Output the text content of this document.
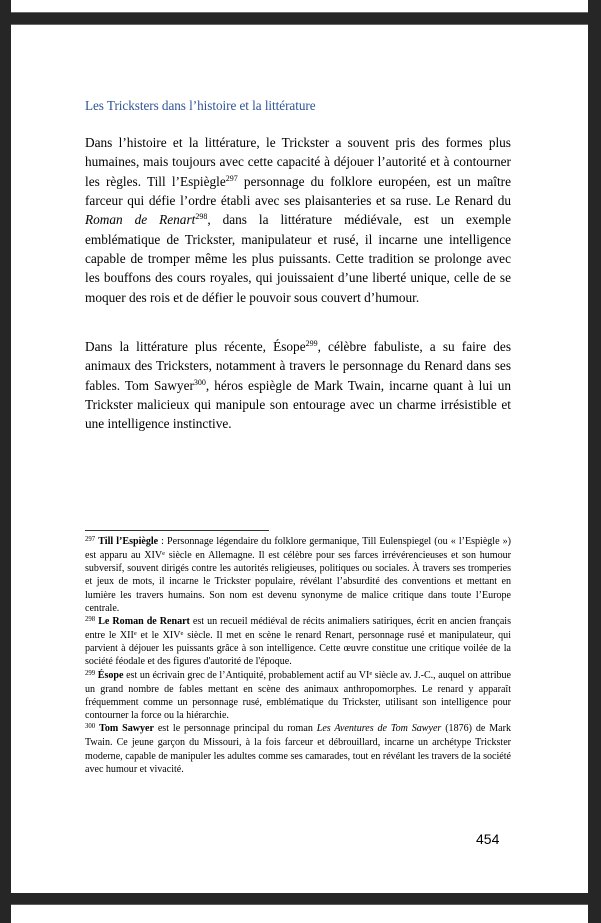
Les Tricksters dans l’histoire et la littérature

Dans l’histoire et la littérature, le Trickster a souvent pris des formes plus humaines, mais toujours avec cette capacité à déjouer l’autorité et à contourner les règles. Till l’Espiègle$^{297}$ personnage du folklore européen, est un maître farceur qui défie l’ordre établi avec ses plaisanteries et sa ruse. Le Renard du Roman de Renart$^{298}$, dans la littérature médiévale, est un exemple emblématique de Trickster, manipulateur et rusé, il incarne une intelligence capable de tromper même les plus puissants. Cette tradition se prolonge avec les bouffons des cours royales, qui jouissaient d’une liberté unique, celle de se moquer des rois et de défier le pouvoir sous couvert d’humour.

Dans la littérature plus récente, Ésope$^{299}$, célèbre fabuliste, a su faire des animaux des Tricksters, notamment à travers le personnage du Renard dans ses fables. Tom Sawyer$^{300}$, héros espiègle de Mark Twain, incarne quant à lui un Trickster malicieux qui manipule son entourage avec un charme irrésistible et une intelligence instinctive.

$^{297}$ Till l’Espiègle : Personnage légendaire du folklore germanique, Till Eulenspiegel (ou « l’Espiègle ») est apparu au XIVe siècle en Allemagne. Il est célèbre pour ses farces irrévérencieuses et son humour subversif, souvent dirigés contre les autorités religieuses, politiques ou sociales. À travers ses tromperies et jeux de mots, il incarne le Trickster populaire, révélant l’absurdité des conventions et mettant en lumière les travers humains. Son nom est devenu synonyme de malice critique dans toute l’Europe centrale.

$^{298}$ Le Roman de Renart est un recueil médiéval de récits animaliers satiriques, écrit en ancien français entre le XIIe et le XIVe siècle. Il met en scène le renard Renart, personnage rusé et manipulateur, qui parvient à déjouer les puissants grâce à son intelligence. Cette œuvre constitue une critique voilée de la société féodale et des figures d'autorité de l'époque.

$^{299}$ Ésope est un écrivain grec de l’Antiquité, probablement actif au VIe siècle av. J.-C., auquel on attribue un grand nombre de fables mettant en scène des animaux anthropomorphes. Le renard y apparaît fréquemment comme un personnage rusé, emblématique du Trickster, utilisant son intelligence pour contourner la force ou la hiérarchie.

$^{300}$ Tom Sawyer est le personnage principal du roman Les Aventures de Tom Sawyer (1876) de Mark Twain. Ce jeune garçon du Missouri, à la fois farceur et débrouillard, incarne un archétype Trickster moderne, capable de manipuler les adultes comme ses camarades, tout en révélant les travers de la société avec humour et vivacité.

454
